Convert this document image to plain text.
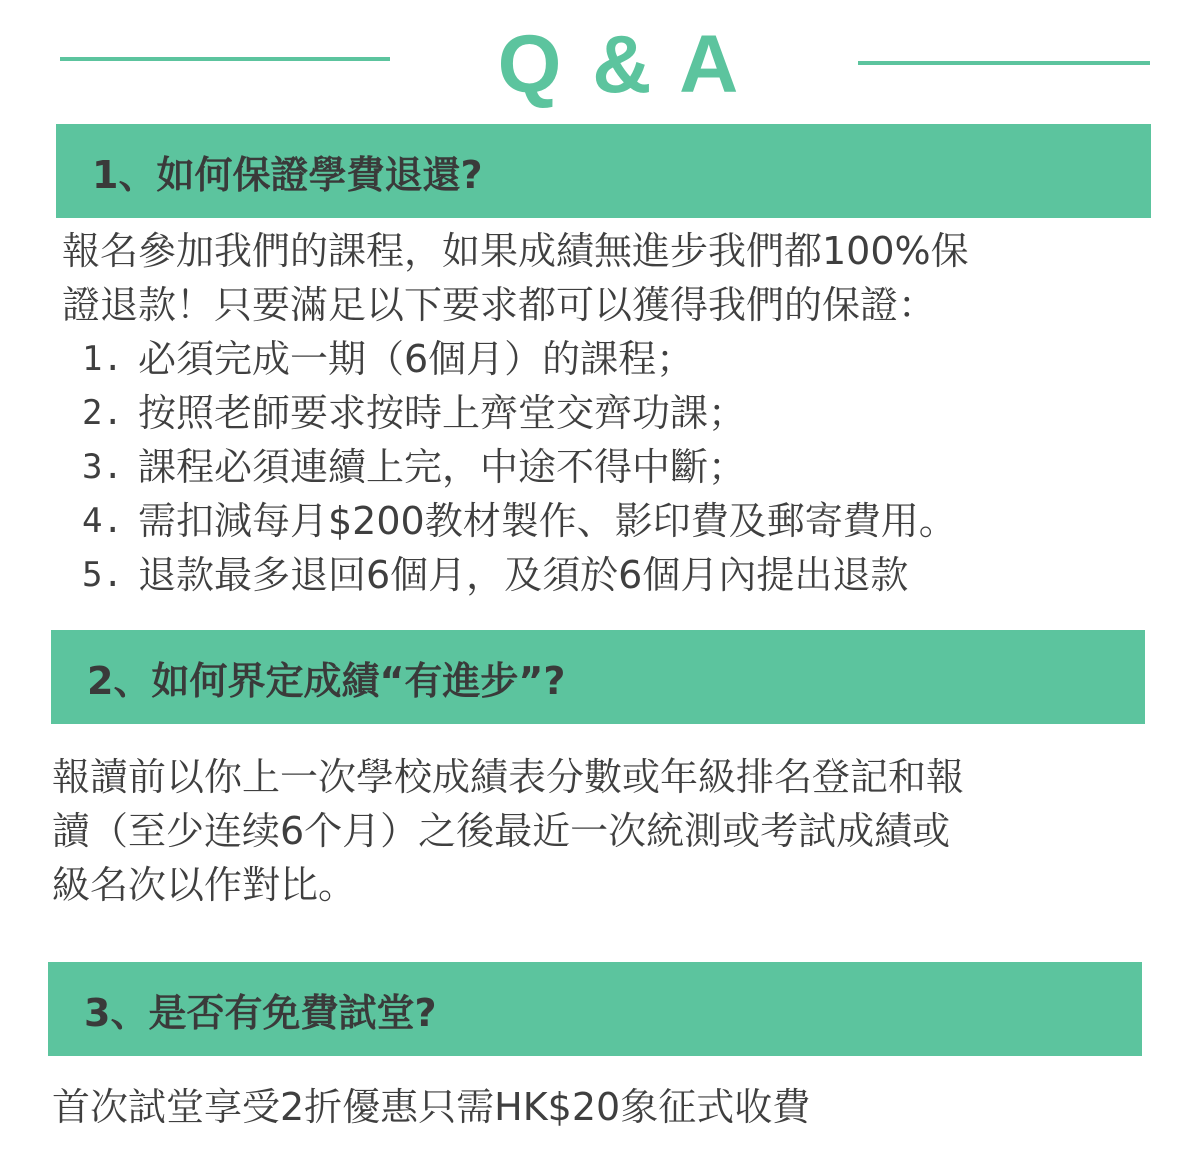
Q & A
1、如何保證學費退還?
報名參加我們的課程，如果成績無進步我們都100%保
證退款！只要滿足以下要求都可以獲得我們的保證：
1. 必須完成一期（6個月）的課程；
2. 按照老師要求按時上齊堂交齊功課；
3. 課程必須連續上完，中途不得中斷；
4. 需扣減每月$200教材製作、影印費及郵寄費用。
5. 退款最多退回6個月，及須於6個月內提出退款
2、如何界定成績“有進步”?
報讀前以你上一次學校成績表分數或年級排名登記和報
讀（至少连续6个月）之後最近一次統測或考試成績或
級名次以作對比。
3、是否有免費試堂?
首次試堂享受2折優惠只需HK$20象征式收費
